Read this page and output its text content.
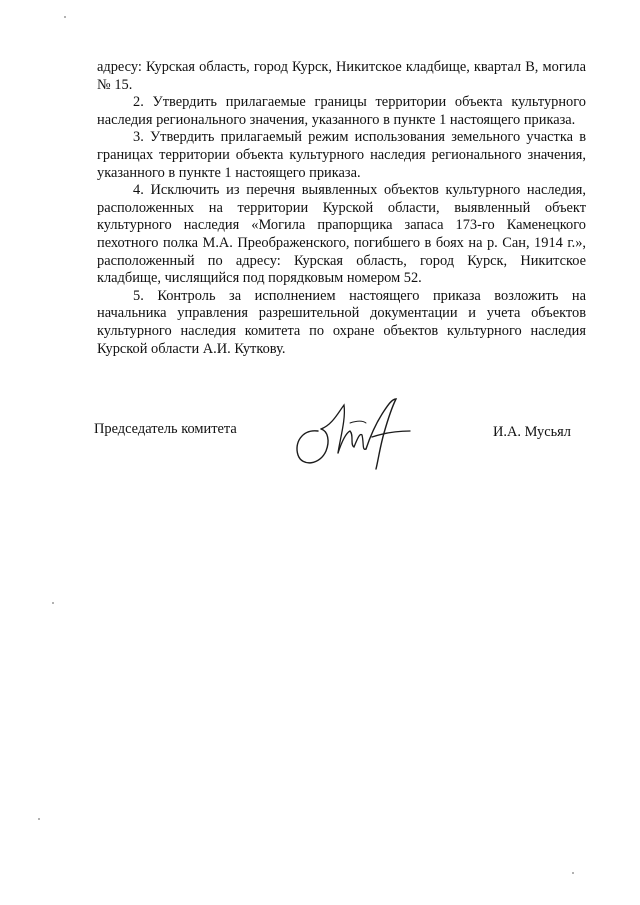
адресу: Курская область, город Курск, Никитское кладбище, квартал В, могила № 15.

2. Утвердить прилагаемые границы территории объекта культурного наследия регионального значения, указанного в пункте 1 настоящего приказа.

3. Утвердить прилагаемый режим использования земельного участка в границах территории объекта культурного наследия регионального значения, указанного в пункте 1 настоящего приказа.

4. Исключить из перечня выявленных объектов культурного наследия, расположенных на территории Курской области, выявленный объект культурного наследия «Могила прапорщика запаса 173-го Каменецкого пехотного полка М.А. Преображенского, погибшего в боях на р. Сан, 1914 г.», расположенный по адресу: Курская область, город Курск, Никитское кладбище, числящийся под порядковым номером 52.

5. Контроль за исполнением настоящего приказа возложить на начальника управления разрешительной документации и учета объектов культурного наследия комитета по охране объектов культурного наследия Курской области А.И. Куткову.

Председатель комитета	И.А. Мусьял
